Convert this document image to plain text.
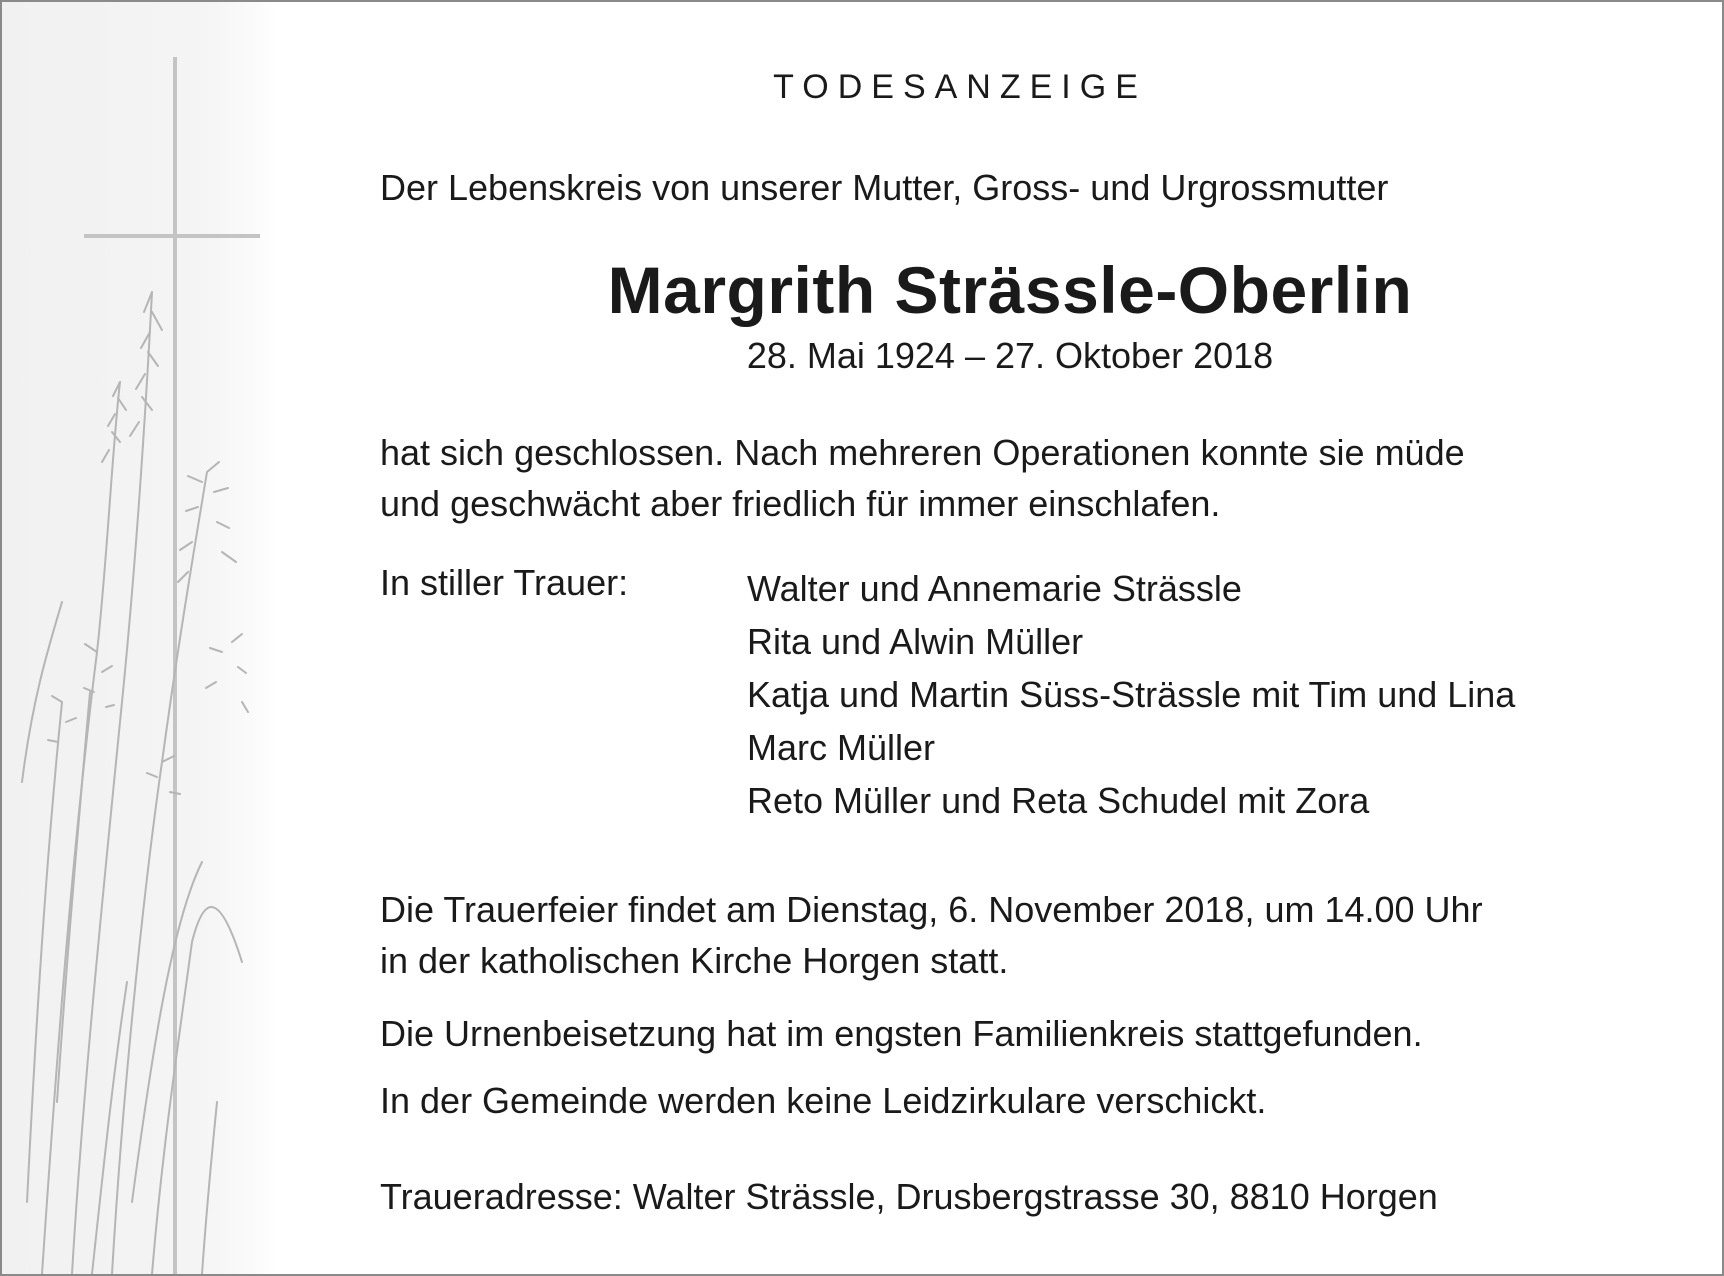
TODESANZEIGE
Der Lebenskreis von unserer Mutter, Gross- und Urgrossmutter
Margrith Strässle-Oberlin
28. Mai 1924 – 27. Oktober 2018
hat sich geschlossen. Nach mehreren Operationen konnte sie müde
und geschwächt aber friedlich für immer einschlafen.
In stiller Trauer:	Walter und Annemarie Strässle
Rita und Alwin Müller
Katja und Martin Süss-Strässle mit Tim und Lina
Marc Müller
Reto Müller und Reta Schudel mit Zora
Die Trauerfeier findet am Dienstag, 6. November 2018, um 14.00 Uhr
in der katholischen Kirche Horgen statt.
Die Urnenbeisetzung hat im engsten Familienkreis stattgefunden.
In der Gemeinde werden keine Leidzirkulare verschickt.
Traueradresse: Walter Strässle, Drusbergstrasse 30, 8810 Horgen
